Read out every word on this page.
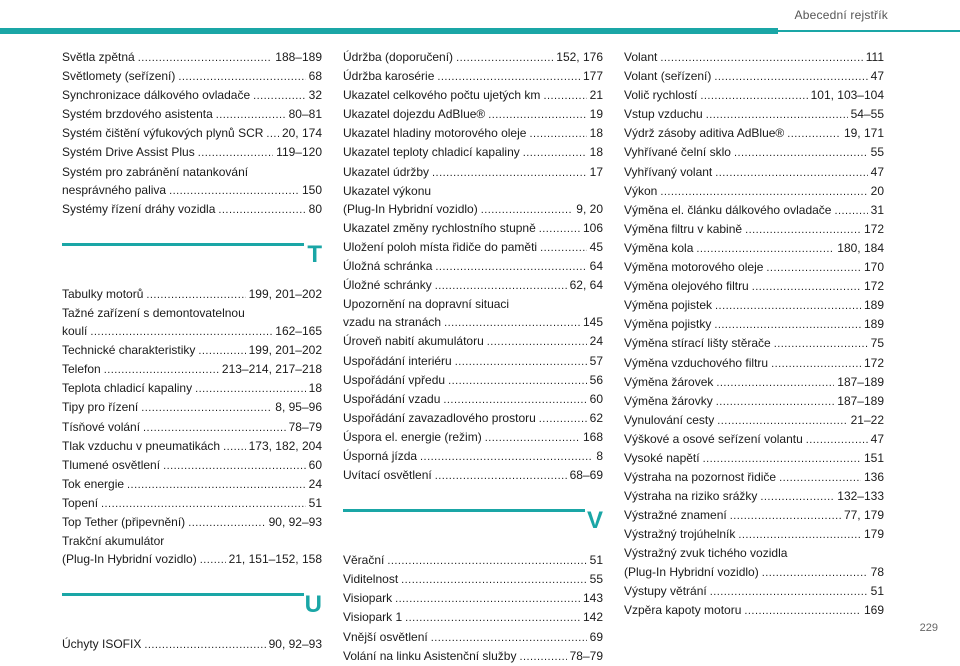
Abecední rejstřík
Světla zpětná . . .	188–189
Světlomety (seřízení) . . .	68
Synchronizace dálkového ovladače . . .	32
Systém brzdového asistenta . . .	80–81
Systém čištění výfukových plynů SCR . . . 20, 174
Systém Drive Assist Plus . . .	119–120
Systém pro zabránění natankování
nesprávného paliva . . .	150
Systémy řízení dráhy vozidla . . .	80
T
Tabulky motorů . . .	199, 201–202
Tažné zařízení s demontovatelnou
koulí . . .	162–165
Technické charakteristiky . . .	199, 201–202
Telefon . . .	213–214, 217–218
Teplota chladicí kapaliny . . .	18
Tipy pro řízení . . .	8, 95–96
Tísňové volání . . .	78–79
Tlak vzduchu v pneumatikách . . . 173, 182, 204
Tlumené osvětlení . . .	60
Tok energie . . .	24
Topení . . .	51
Top Tether (připevnění) . . .	90, 92–93
Trakční akumulátor
(Plug-In Hybridní vozidlo) . . .	21, 151–152, 158
U
Úchyty ISOFIX . . .	90, 92–93
Údržba (doporučení) . . .	152, 176
Údržba karosérie . . .	177
Ukazatel celkového počtu ujetých km . . .	21
Ukazatel dojezdu AdBlue® . . .	19
Ukazatel hladiny motorového oleje . . .	18
Ukazatel teploty chladicí kapaliny . . .	18
Ukazatel údržby . . .	17
Ukazatel výkonu
(Plug-In Hybridní vozidlo) . . .	9, 20
Ukazatel změny rychlostního stupně . . .	106
Uložení poloh místa řidiče do paměti . . .	45
Úložná schránka . . .	64
Úložné schránky . . .	62, 64
Upozornění na dopravní situaci
vzadu na stranách . . .	145
Úroveň nabití akumulátoru . . .	24
Uspořádání interiéru . . .	57
Uspořádání vpředu . . .	56
Uspořádání vzadu . . .	60
Uspořádání zavazadlového prostoru . . .	62
Úspora el. energie (režim) . . .	168
Úsporná jízda . . .	8
Uvítací osvětlení . . .	68–69
V
Věrační . . .	51
Viditelnost . . .	55
Visiopark . . .	143
Visiopark 1 . . .	142
Vnější osvětlení . . .	69
Volání na linku Asistenční služby . . .	78–79
Volant . . .	111
Volant (seřízení) . . .	47
Volič rychlostí . . .	101, 103–104
Vstup vzduchu . . .	54–55
Výdrž zásoby aditiva AdBlue® . . .	19, 171
Vyhřívané čelní sklo . . .	55
Vyhřívaný volant . . .	47
Výkon . . .	20
Výměna el. článku dálkového ovladače . . .	31
Výměna filtru v kabině . . .	172
Výměna kola . . .	180, 184
Výměna motorového oleje . . .	170
Výměna olejového filtru . . .	172
Výměna pojistek . . .	189
Výměna pojistky . . .	189
Výměna stírací lišty stěrače . . .	75
Výměna vzduchového filtru . . .	172
Výměna žárovek . . .	187–189
Výměna žárovky . . .	187–189
Vynulování cesty . . .	21–22
Výškové a osové seřízení volantu . . .	47
Vysoké napětí . . .	151
Výstraha na pozornost řidiče . . .	136
Výstraha na riziko srážky . . .	132–133
Výstražné znamení . . .	77, 179
Výstražný trojúhelník . . .	179
Výstražný zvuk tichého vozidla
(Plug-In Hybridní vozidlo) . . .	78
Výstupy větrání . . .	51
Vzpěra kapoty motoru . . .	169
229
